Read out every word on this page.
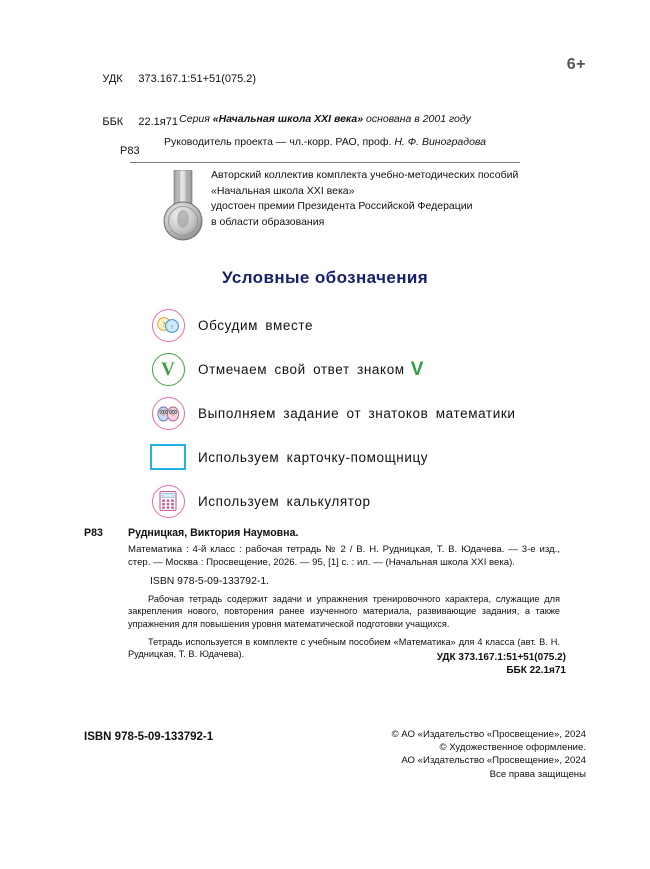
УДК 373.167.1:51+51(075.2)

ББК 22.1я71

Р83
6+
Серия «Начальная школа XXI века» основана в 2001 году
Руководитель проекта — чл.-корр. РАО, проф. Н. Ф. Виноградова
Авторский коллектив комплекта учебно-методических пособий
«Начальная школа XXI века»
удостоен премии Президента Российской Федерации
в области образования
Условные обозначения
? ! Обсудим вместе
V Отмечаем свой ответ знаком V
Выполняем задание от знатоков математики
Используем карточку-помощницу
Используем калькулятор
Р83 Рудницкая, Виктория Наумовна.

Математика : 4-й класс : рабочая тетрадь № 2 / В. Н. Рудницкая, Т. В. Юдачева. — 3-е изд., стер. — Москва : Просвещение, 2026. — 95, [1] с. : ил. — (Начальная школа XXI века).

ISBN 978-5-09-133792-1.

Рабочая тетрадь содержит задачи и упражнения тренировочного характера, служащие для закрепления нового, повторения ранее изученного материала, развивающие задания, а также упражнения для повышения уровня математической подготовки учащихся.

Тетрадь используется в комплекте с учебным пособием «Математика» для 4 класса (авт. В. Н. Рудницкая, Т. В. Юдачева).	УДК 373.167.1:51+51(075.2)
ББК 22.1я71
ISBN 978-5-09-133792-1	© АО «Издательство «Просвещение», 2024
© Художественное оформление.
АО «Издательство «Просвещение», 2024
Все права защищены
